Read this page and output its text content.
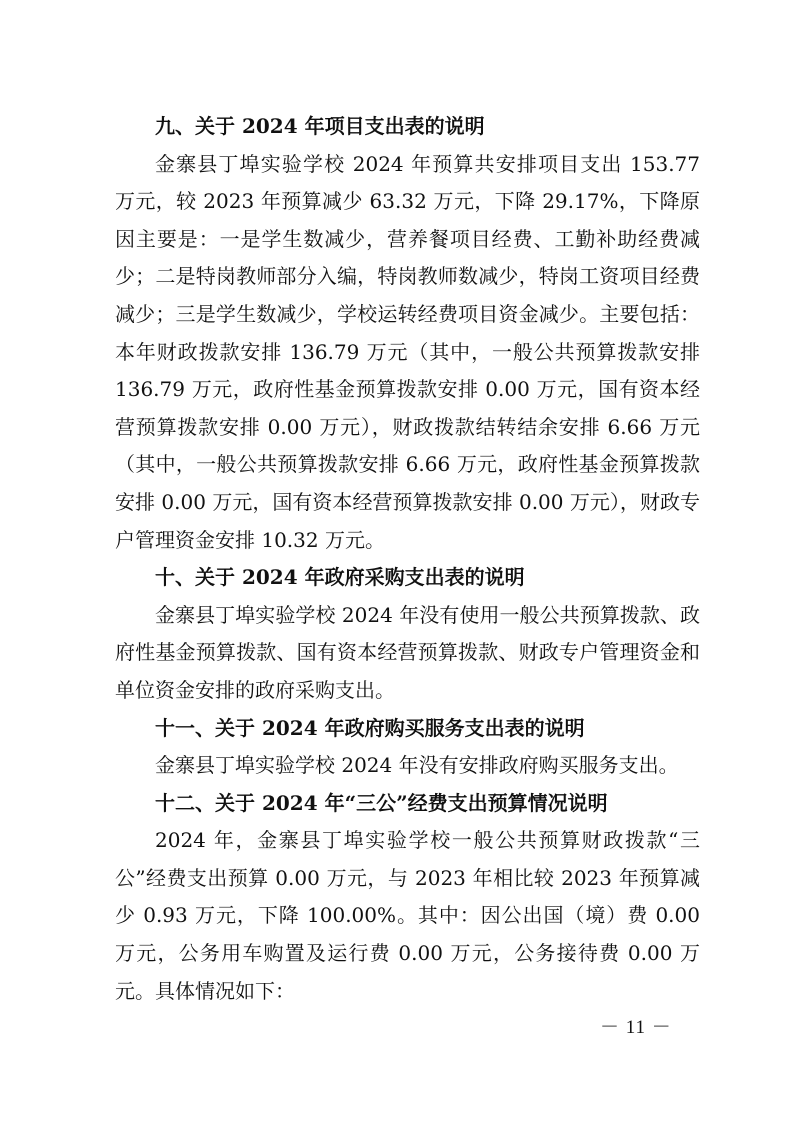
九、关于 2024 年项目支出表的说明

金寨县丁埠实验学校 2024 年预算共安排项目支出 153.77 万元，较 2023 年预算减少 63.32 万元，下降 29.17%，下降原因主要是：一是学生数减少，营养餐项目经费、工勤补助经费减少；二是特岗教师部分入编，特岗教师数减少，特岗工资项目经费减少；三是学生数减少，学校运转经费项目资金减少。主要包括：本年财政拨款安排 136.79 万元（其中，一般公共预算拨款安排 136.79 万元，政府性基金预算拨款安排 0.00 万元，国有资本经营预算拨款安排 0.00 万元），财政拨款结转结余安排 6.66 万元（其中，一般公共预算拨款安排 6.66 万元，政府性基金预算拨款安排 0.00 万元，国有资本经营预算拨款安排 0.00 万元），财政专户管理资金安排 10.32 万元。

十、关于 2024 年政府采购支出表的说明

金寨县丁埠实验学校 2024 年没有使用一般公共预算拨款、政府性基金预算拨款、国有资本经营预算拨款、财政专户管理资金和单位资金安排的政府采购支出。

十一、关于 2024 年政府购买服务支出表的说明

金寨县丁埠实验学校 2024 年没有安排政府购买服务支出。

十二、关于 2024 年“三公”经费支出预算情况说明

2024 年，金寨县丁埠实验学校一般公共预算财政拨款“三公”经费支出预算 0.00 万元，与 2023 年相比较 2023 年预算减少 0.93 万元，下降 100.00%。其中：因公出国（境）费 0.00 万元，公务用车购置及运行费 0.00 万元，公务接待费 0.00 万元。具体情况如下：

－ 11 －
